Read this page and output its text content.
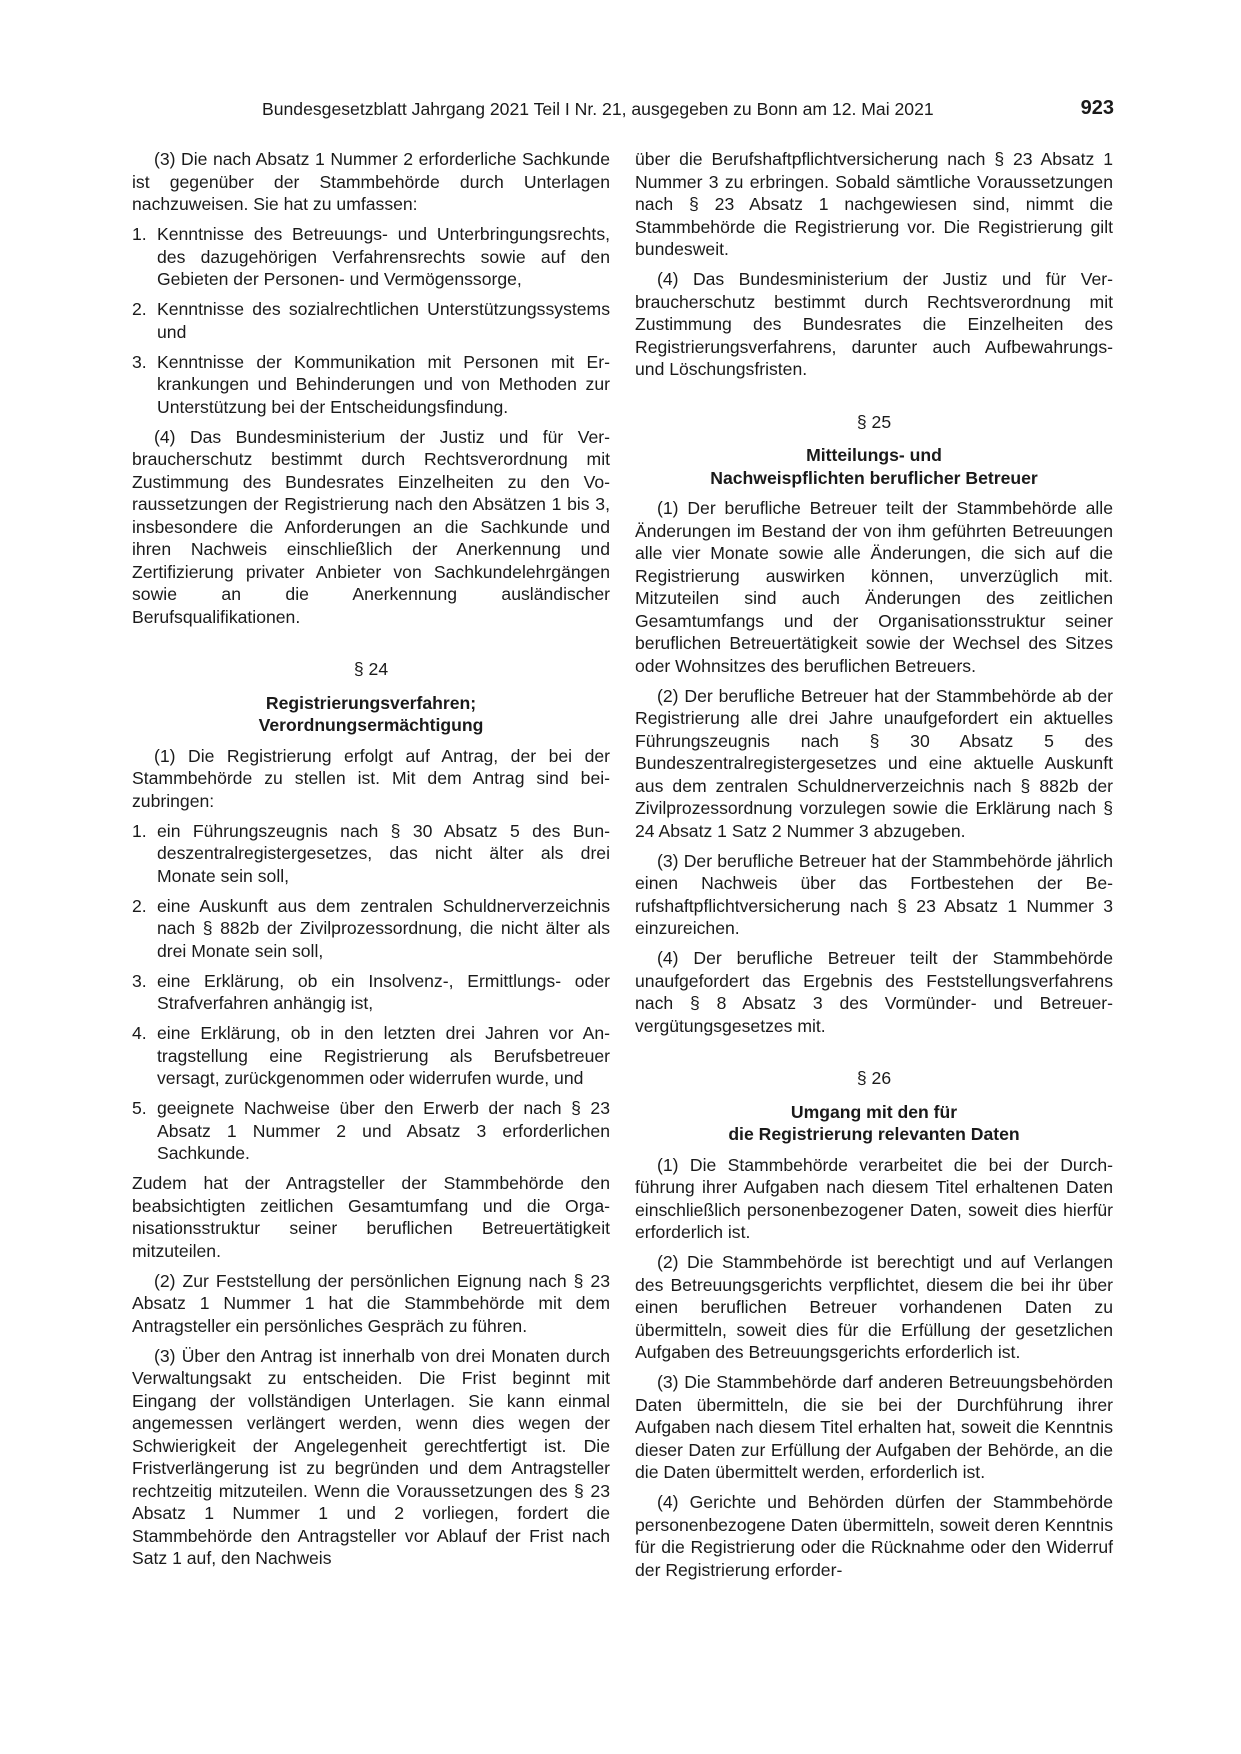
Bundesgesetzblatt Jahrgang 2021 Teil I Nr. 21, ausgegeben zu Bonn am 12. Mai 2021	923

(3) Die nach Absatz 1 Nummer 2 erforderliche Sachkunde ist gegenüber der Stammbehörde durch Unterlagen nachzuweisen. Sie hat zu umfassen:

1. Kenntnisse des Betreuungs- und Unterbringungsrechts, des dazugehörigen Verfahrensrechts sowie auf den Gebieten der Personen- und Vermögenssorge,
2. Kenntnisse des sozialrechtlichen Unterstützungssystems und
3. Kenntnisse der Kommunikation mit Personen mit Erkrankungen und Behinderungen und von Methoden zur Unterstützung bei der Entscheidungsfindung.

(4) Das Bundesministerium der Justiz und für Verbraucherschutz bestimmt durch Rechtsverordnung mit Zustimmung des Bundesrates Einzelheiten zu den Voraussetzungen der Registrierung nach den Absätzen 1 bis 3, insbesondere die Anforderungen an die Sachkunde und ihren Nachweis einschließlich der Anerkennung und Zertifizierung privater Anbieter von Sachkundelehrgängen sowie an die Anerkennung ausländischer Berufsqualifikationen.

§ 24
Registrierungsverfahren;
Verordnungsermächtigung

(1) Die Registrierung erfolgt auf Antrag, der bei der Stammbehörde zu stellen ist. Mit dem Antrag sind beizubringen:

1. ein Führungszeugnis nach § 30 Absatz 5 des Bundeszentralregistergesetzes, das nicht älter als drei Monate sein soll,
2. eine Auskunft aus dem zentralen Schuldnerverzeichnis nach § 882b der Zivilprozessordnung, die nicht älter als drei Monate sein soll,
3. eine Erklärung, ob ein Insolvenz-, Ermittlungs- oder Strafverfahren anhängig ist,
4. eine Erklärung, ob in den letzten drei Jahren vor Antragstellung eine Registrierung als Berufsbetreuer versagt, zurückgenommen oder widerrufen wurde, und
5. geeignete Nachweise über den Erwerb der nach § 23 Absatz 1 Nummer 2 und Absatz 3 erforderlichen Sachkunde.

Zudem hat der Antragsteller der Stammbehörde den beabsichtigten zeitlichen Gesamtumfang und die Organisationsstruktur seiner beruflichen Betreuertätigkeit mitzuteilen.

(2) Zur Feststellung der persönlichen Eignung nach § 23 Absatz 1 Nummer 1 hat die Stammbehörde mit dem Antragsteller ein persönliches Gespräch zu führen.

(3) Über den Antrag ist innerhalb von drei Monaten durch Verwaltungsakt zu entscheiden. Die Frist beginnt mit Eingang der vollständigen Unterlagen. Sie kann einmal angemessen verlängert werden, wenn dies wegen der Schwierigkeit der Angelegenheit gerechtfertigt ist. Die Fristverlängerung ist zu begründen und dem Antragsteller rechtzeitig mitzuteilen. Wenn die Voraussetzungen des § 23 Absatz 1 Nummer 1 und 2 vorliegen, fordert die Stammbehörde den Antragsteller vor Ablauf der Frist nach Satz 1 auf, den Nachweis

über die Berufshaftpflichtversicherung nach § 23 Absatz 1 Nummer 3 zu erbringen. Sobald sämtliche Voraussetzungen nach § 23 Absatz 1 nachgewiesen sind, nimmt die Stammbehörde die Registrierung vor. Die Registrierung gilt bundesweit.

(4) Das Bundesministerium der Justiz und für Verbraucherschutz bestimmt durch Rechtsverordnung mit Zustimmung des Bundesrates die Einzelheiten des Registrierungsverfahrens, darunter auch Aufbewahrungs- und Löschungsfristen.

§ 25
Mitteilungs- und
Nachweispflichten beruflicher Betreuer

(1) Der berufliche Betreuer teilt der Stammbehörde alle Änderungen im Bestand der von ihm geführten Betreuungen alle vier Monate sowie alle Änderungen, die sich auf die Registrierung auswirken können, unverzüglich mit. Mitzuteilen sind auch Änderungen des zeitlichen Gesamtumfangs und der Organisationsstruktur seiner beruflichen Betreuertätigkeit sowie der Wechsel des Sitzes oder Wohnsitzes des beruflichen Betreuers.

(2) Der berufliche Betreuer hat der Stammbehörde ab der Registrierung alle drei Jahre unaufgefordert ein aktuelles Führungszeugnis nach § 30 Absatz 5 des Bundeszentralregistergesetzes und eine aktuelle Auskunft aus dem zentralen Schuldnerverzeichnis nach § 882b der Zivilprozessordnung vorzulegen sowie die Erklärung nach § 24 Absatz 1 Satz 2 Nummer 3 abzugeben.

(3) Der berufliche Betreuer hat der Stammbehörde jährlich einen Nachweis über das Fortbestehen der Berufshaftpflichtversicherung nach § 23 Absatz 1 Nummer 3 einzureichen.

(4) Der berufliche Betreuer teilt der Stammbehörde unaufgefordert das Ergebnis des Feststellungsverfahrens nach § 8 Absatz 3 des Vormünder- und Betreuervergütungsgesetzes mit.

§ 26
Umgang mit den für
die Registrierung relevanten Daten

(1) Die Stammbehörde verarbeitet die bei der Durchführung ihrer Aufgaben nach diesem Titel erhaltenen Daten einschließlich personenbezogener Daten, soweit dies hierfür erforderlich ist.

(2) Die Stammbehörde ist berechtigt und auf Verlangen des Betreuungsgerichts verpflichtet, diesem die bei ihr über einen beruflichen Betreuer vorhandenen Daten zu übermitteln, soweit dies für die Erfüllung der gesetzlichen Aufgaben des Betreuungsgerichts erforderlich ist.

(3) Die Stammbehörde darf anderen Betreuungsbehörden Daten übermitteln, die sie bei der Durchführung ihrer Aufgaben nach diesem Titel erhalten hat, soweit die Kenntnis dieser Daten zur Erfüllung der Aufgaben der Behörde, an die die Daten übermittelt werden, erforderlich ist.

(4) Gerichte und Behörden dürfen der Stammbehörde personenbezogene Daten übermitteln, soweit deren Kenntnis für die Registrierung oder die Rücknahme oder den Widerruf der Registrierung erforder-
